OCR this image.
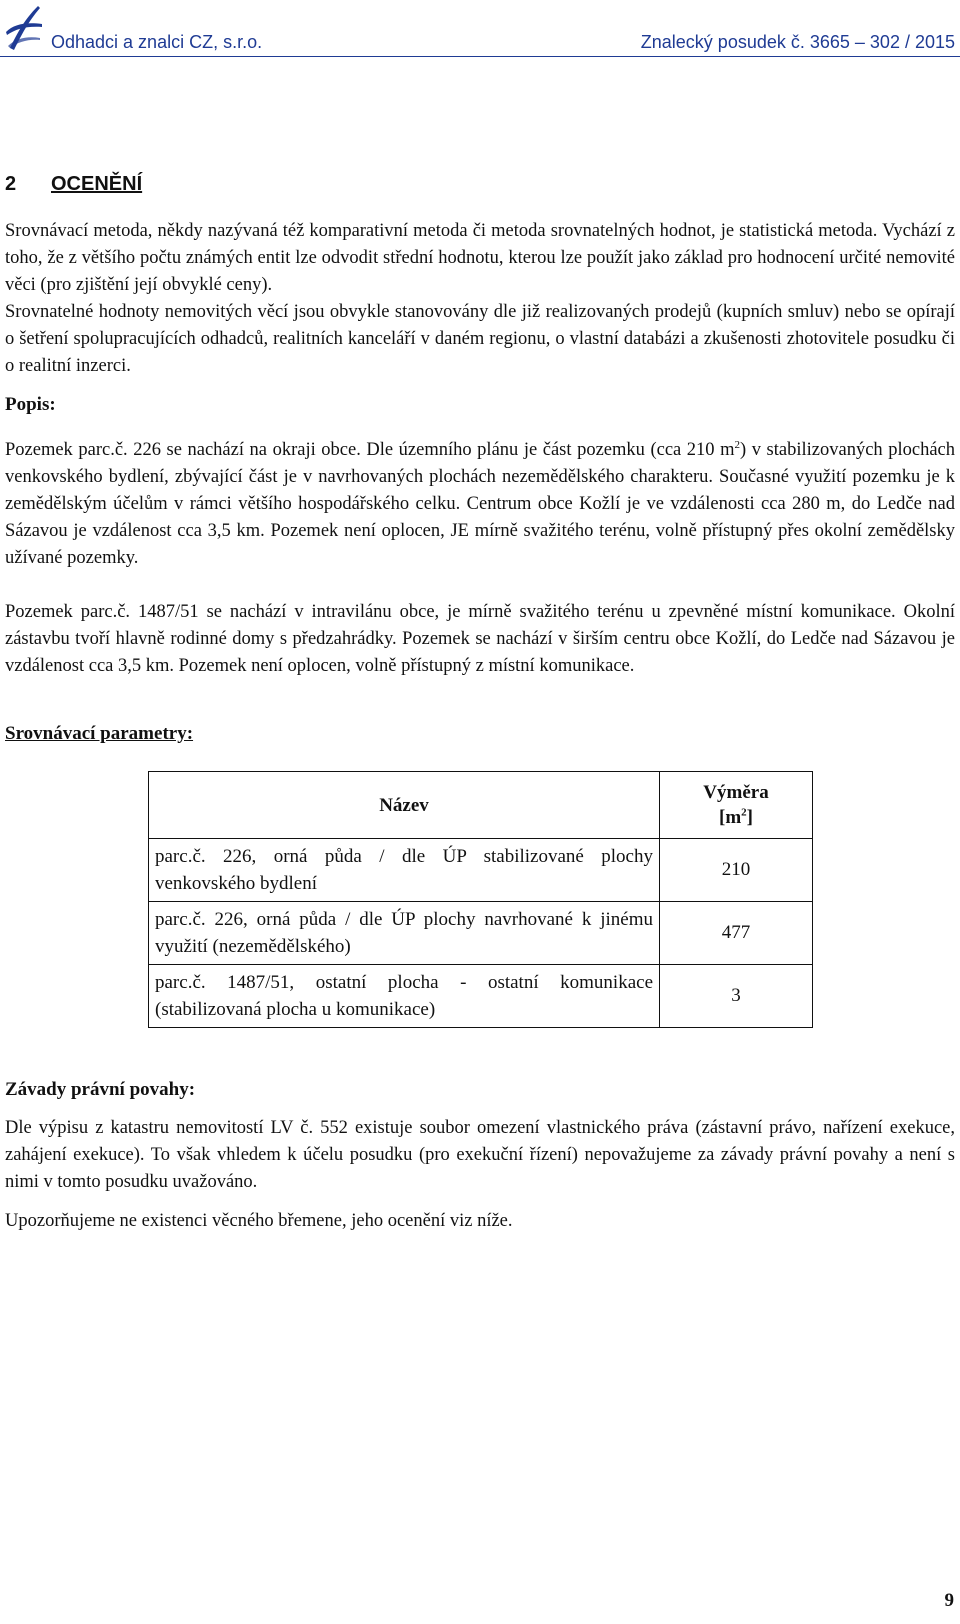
Odhadci a znalci CZ, s.r.o.	Znalecký posudek č. 3665 – 302 / 2015
2 OCENĚNÍ
Srovnávací metoda, někdy nazývaná též komparativní metoda či metoda srovnatelných hodnot, je statistická metoda. Vychází z toho, že z většího počtu známých entit lze odvodit střední hodnotu, kterou lze použít jako základ pro hodnocení určité nemovité věci (pro zjištění její obvyklé ceny).
Srovnatelné hodnoty nemovitých věcí jsou obvykle stanovovány dle již realizovaných prodejů (kupních smluv) nebo se opírají o šetření spolupracujících odhadců, realitních kanceláří v daném regionu, o vlastní databázi a zkušenosti zhotovitele posudku či o realitní inzerci.
Popis:
Pozemek parc.č. 226 se nachází na okraji obce. Dle územního plánu je část pozemku (cca 210 $m^2$) v stabilizovaných plochách venkovského bydlení, zbývající část je v navrhovaných plochách nezemědělského charakteru. Současné využití pozemku je k zemědělským účelům v rámci většího hospodářského celku. Centrum obce Kožlí je ve vzdálenosti cca 280 m, do Ledče nad Sázavou je vzdálenost cca 3,5 km. Pozemek není oplocen, JE mírně svažitého terénu, volně přístupný přes okolní zemědělsky užívané pozemky.
Pozemek parc.č. 1487/51 se nachází v intravilánu obce, je mírně svažitého terénu u zpevněné místní komunikace. Okolní zástavbu tvoří hlavně rodinné domy s předzahrádky. Pozemek se nachází v širším centru obce Kožlí, do Ledče nad Sázavou je vzdálenost cca 3,5 km. Pozemek není oplocen, volně přístupný z místní komunikace.
Srovnávací parametry:
Název	Výměra
$[m^2]$
parc.č. 226, orná půda / dle ÚP stabilizované plochy venkovského bydlení	210
parc.č. 226, orná půda / dle ÚP plochy navrhované k jinému využití (nezemědělského)	477
parc.č. 1487/51, ostatní plocha - ostatní komunikace (stabilizovaná plocha u komunikace)	3
Závady právní povahy:
Dle výpisu z katastru nemovitostí LV č. 552 existuje soubor omezení vlastnického práva (zástavní právo, nařízení exekuce, zahájení exekuce). To však vhledem k účelu posudku (pro exekuční řízení) nepovažujeme za závady právní povahy a není s nimi v tomto posudku uvažováno.
Upozorňujeme ne existenci věcného břemene, jeho ocenění viz níže.
9
